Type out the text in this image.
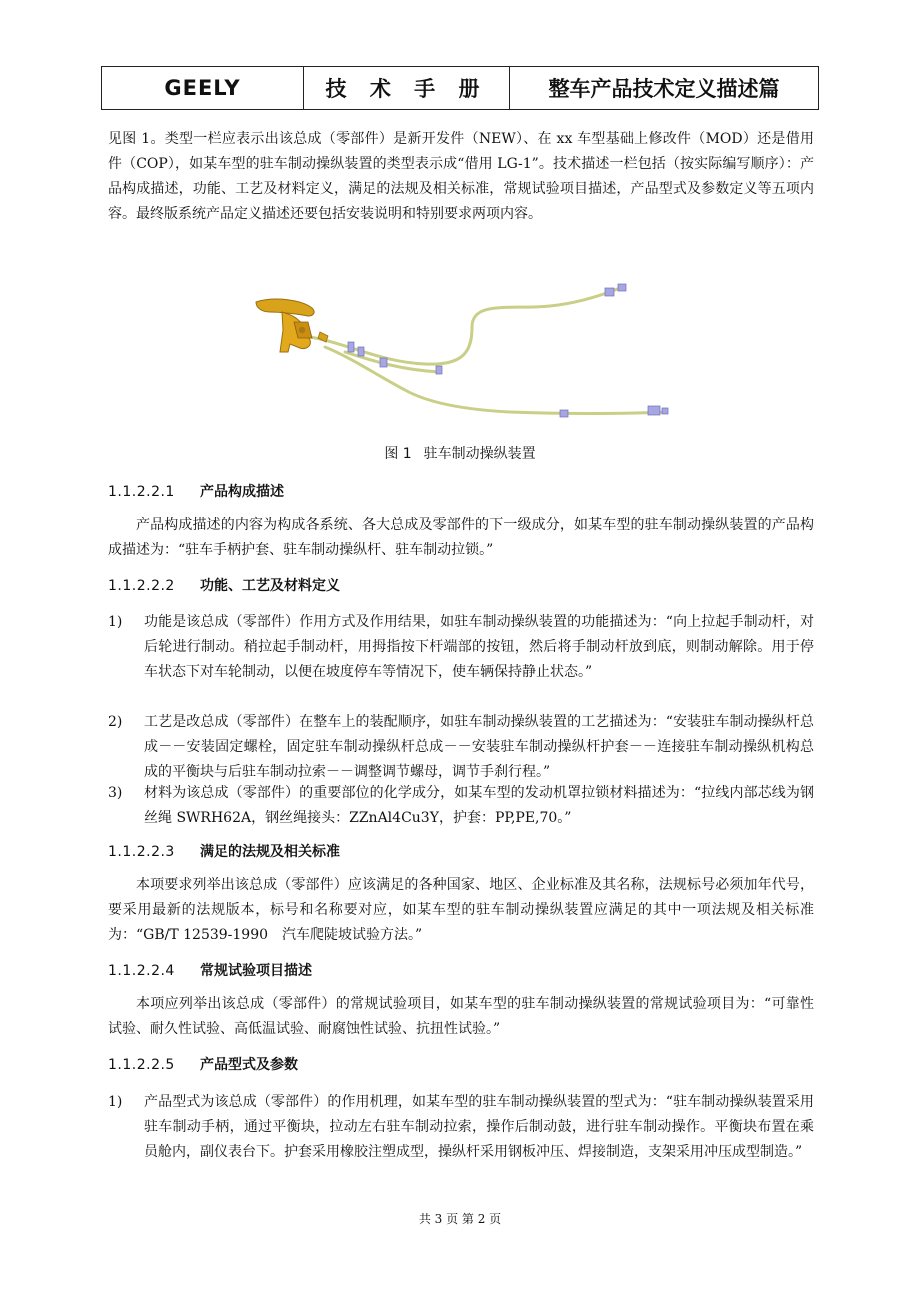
GEELY	技 术 手 册	整车产品技术定义描述篇

见图 1。类型一栏应表示出该总成（零部件）是新开发件（NEW）、在 xx 车型基础上修改件（MOD）还是借用件（COP），如某车型的驻车制动操纵装置的类型表示成“借用 LG-1”。技术描述一栏包括（按实际编写顺序）：产品构成描述，功能、工艺及材料定义，满足的法规及相关标准，常规试验项目描述，产品型式及参数定义等五项内容。最终版系统产品定义描述还要包括安装说明和特别要求两项内容。

图 1 驻车制动操纵装置
1.1.2.2.1 产品构成描述

产品构成描述的内容为构成各系统、各大总成及零部件的下一级成分，如某车型的驻车制动操纵装置的产品构成描述为：“驻车手柄护套、驻车制动操纵杆、驻车制动拉锁。”

1.1.2.2.2 功能、工艺及材料定义
1)	功能是该总成（零部件）作用方式及作用结果，如驻车制动操纵装置的功能描述为：“向上拉起手制动杆，对后轮进行制动。稍拉起手制动杆，用拇指按下杆端部的按钮，然后将手制动杆放到底，则制动解除。用于停车状态下对车轮制动，以便在坡度停车等情况下，使车辆保持静止状态。”
2)	工艺是改总成（零部件）在整车上的装配顺序，如驻车制动操纵装置的工艺描述为：“安装驻车制动操纵杆总成－－安装固定螺栓，固定驻车制动操纵杆总成－－安装驻车制动操纵杆护套－－连接驻车制动操纵机构总成的平衡块与后驻车制动拉索－－调整调节螺母，调节手刹行程。”
3)	材料为该总成（零部件）的重要部位的化学成分，如某车型的发动机罩拉锁材料描述为：“拉线内部芯线为钢丝绳 SWRH62A，钢丝绳接头：ZZnAl4Cu3Y，护套：PP,PE,70。”
1.1.2.2.3 满足的法规及相关标准

本项要求列举出该总成（零部件）应该满足的各种国家、地区、企业标准及其名称，法规标号必须加年代号，要采用最新的法规版本，标号和名称要对应，如某车型的驻车制动操纵装置应满足的其中一项法规及相关标准为：“GB/T 12539-1990　汽车爬陡坡试验方法。”

1.1.2.2.4 常规试验项目描述

本项应列举出该总成（零部件）的常规试验项目，如某车型的驻车制动操纵装置的常规试验项目为：“可靠性试验、耐久性试验、高低温试验、耐腐蚀性试验、抗扭性试验。”

1.1.2.2.5 产品型式及参数
1)	产品型式为该总成（零部件）的作用机理，如某车型的驻车制动操纵装置的型式为：“驻车制动操纵装置采用驻车制动手柄，通过平衡块，拉动左右驻车制动拉索，操作后制动鼓，进行驻车制动操作。平衡块布置在乘员舱内，副仪表台下。护套采用橡胶注塑成型，操纵杆采用钢板冲压、焊接制造，支架采用冲压成型制造。”
共 3 页 第 2 页
